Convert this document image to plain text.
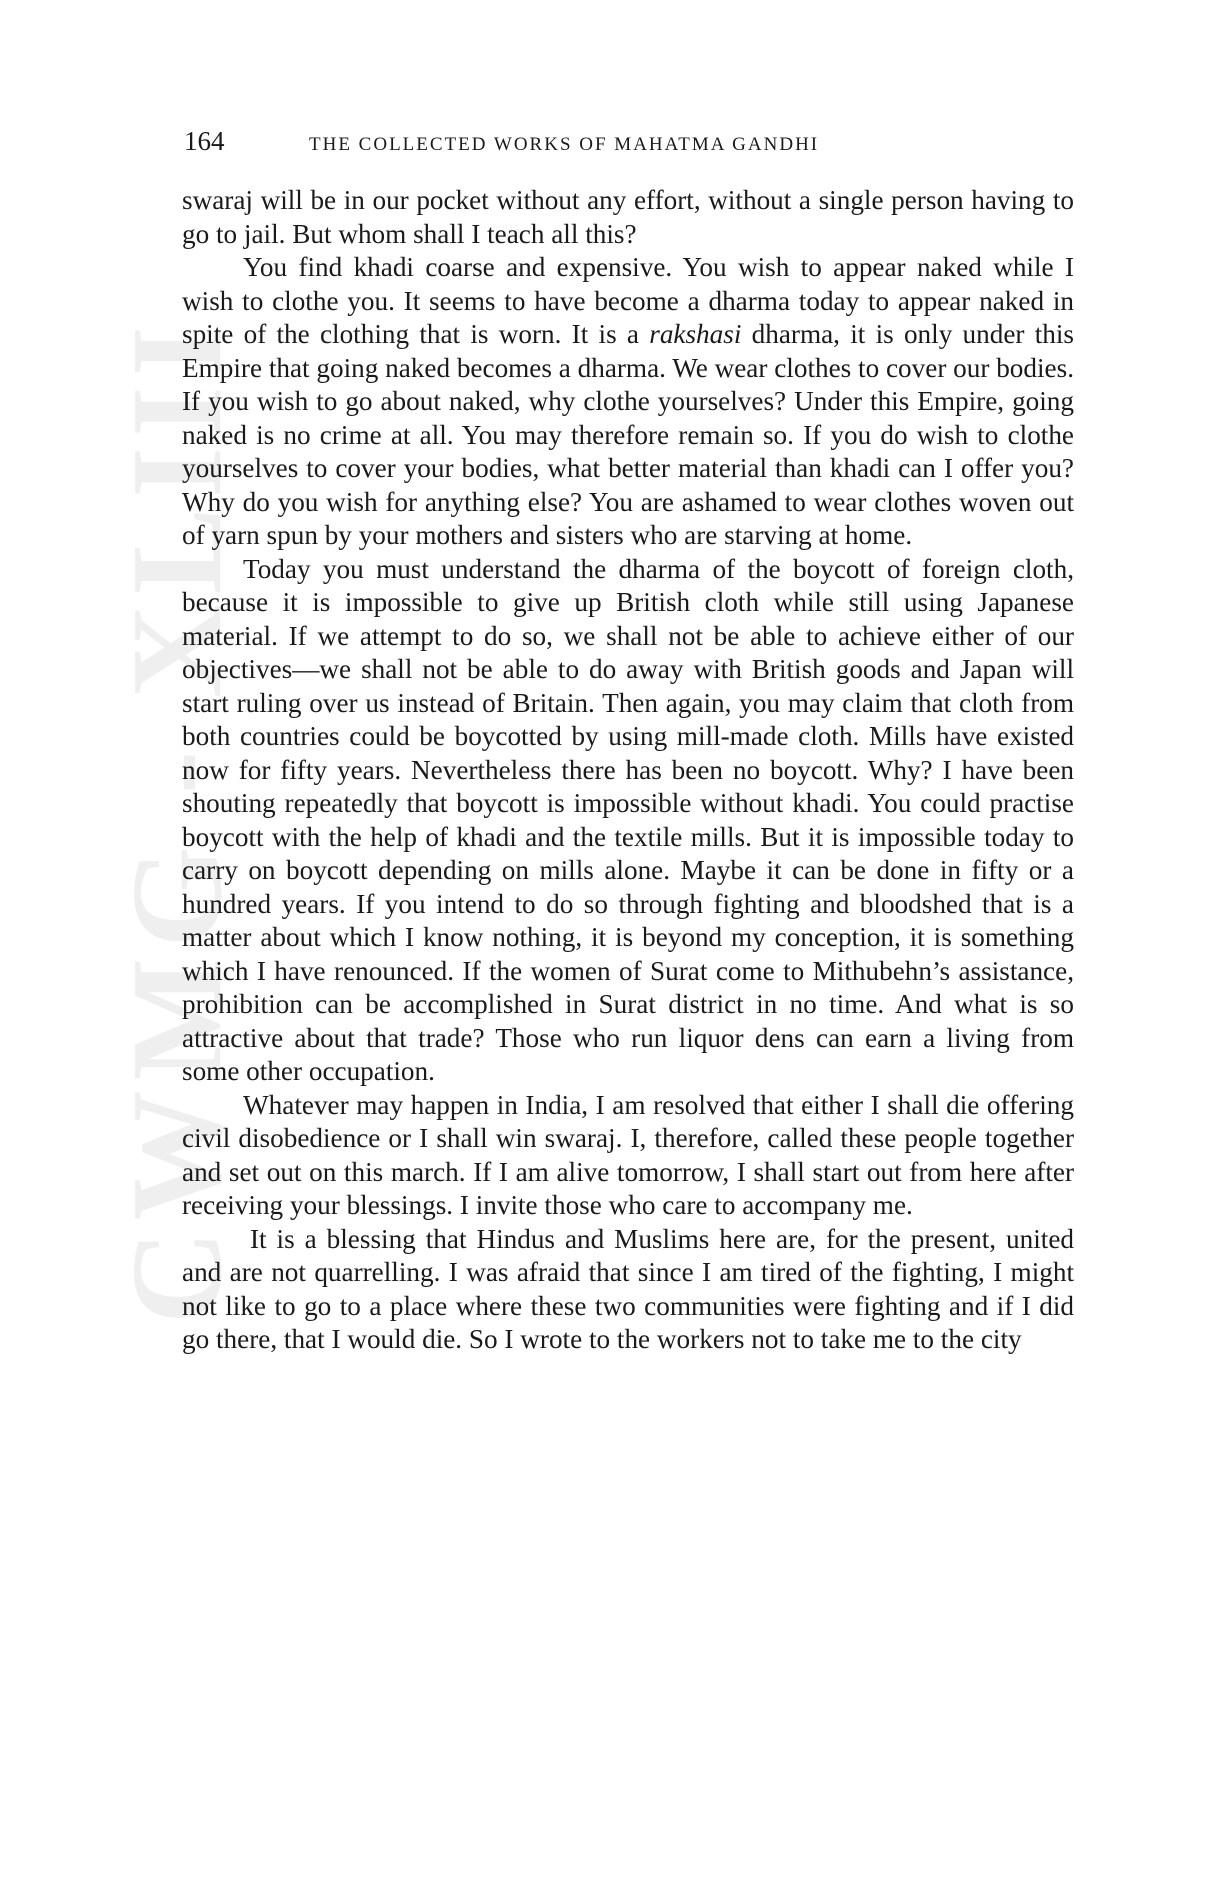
CWMG - XLIII
164	THE COLLECTED WORKS OF MAHATMA GANDHI

swaraj will be in our pocket without any effort, without a single person having to go to jail. But whom shall I teach all this?

You find khadi coarse and expensive. You wish to appear naked while I wish to clothe you. It seems to have become a dharma today to appear naked in spite of the clothing that is worn. It is a rakshasi dharma, it is only under this Empire that going naked becomes a dharma. We wear clothes to cover our bodies. If you wish to go about naked, why clothe yourselves? Under this Empire, going naked is no crime at all. You may therefore remain so. If you do wish to clothe yourselves to cover your bodies, what better material than khadi can I offer you? Why do you wish for anything else? You are ashamed to wear clothes woven out of yarn spun by your mothers and sisters who are starving at home.

Today you must understand the dharma of the boycott of foreign cloth, because it is impossible to give up British cloth while still using Japanese material. If we attempt to do so, we shall not be able to achieve either of our objectives—we shall not be able to do away with British goods and Japan will start ruling over us instead of Britain. Then again, you may claim that cloth from both countries could be boycotted by using mill-made cloth. Mills have existed now for fifty years. Nevertheless there has been no boycott. Why? I have been shouting repeatedly that boycott is impossible without khadi. You could practise boycott with the help of khadi and the textile mills. But it is impossible today to carry on boycott depending on mills alone. Maybe it can be done in fifty or a hundred years. If you intend to do so through fighting and bloodshed that is a matter about which I know nothing, it is beyond my conception, it is something which I have renounced. If the women of Surat come to Mithubehn’s assistance, prohibition can be accomplished in Surat district in no time. And what is so attractive about that trade? Those who run liquor dens can earn a living from some other occupation.

Whatever may happen in India, I am resolved that either I shall die offering civil disobedience or I shall win swaraj. I, therefore, called these people together and set out on this march. If I am alive tomorrow, I shall start out from here after receiving your blessings. I invite those who care to accompany me.

It is a blessing that Hindus and Muslims here are, for the present, united and are not quarrelling. I was afraid that since I am tired of the fighting, I might not like to go to a place where these two communities were fighting and if I did go there, that I would die. So I wrote to the workers not to take me to the city
